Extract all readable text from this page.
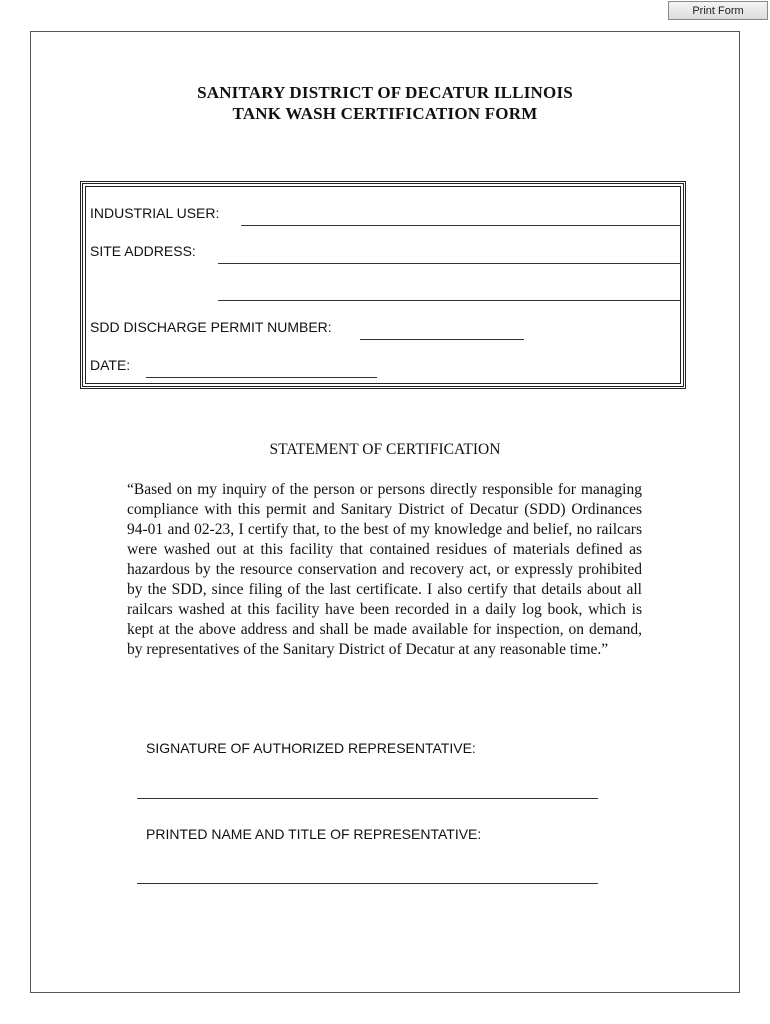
Print Form
SANITARY DISTRICT OF DECATUR ILLINOIS
TANK WASH CERTIFICATION FORM
INDUSTRIAL USER:
SITE ADDRESS:
SDD DISCHARGE PERMIT NUMBER:
DATE:
STATEMENT OF CERTIFICATION
“Based on my inquiry of the person or persons directly responsible for managing compliance with this permit and Sanitary District of Decatur (SDD) Ordinances 94-01 and 02-23, I certify that, to the best of my knowledge and belief, no railcars were washed out at this facility that contained residues of materials defined as hazardous by the resource conservation and recovery act, or expressly prohibited by the SDD, since filing of the last certificate. I also certify that details about all railcars washed at this facility have been recorded in a daily log book, which is kept at the above address and shall be made available for inspection, on demand, by representatives of the Sanitary District of Decatur at any reasonable time.”
SIGNATURE OF AUTHORIZED REPRESENTATIVE:
PRINTED NAME AND TITLE OF REPRESENTATIVE:
